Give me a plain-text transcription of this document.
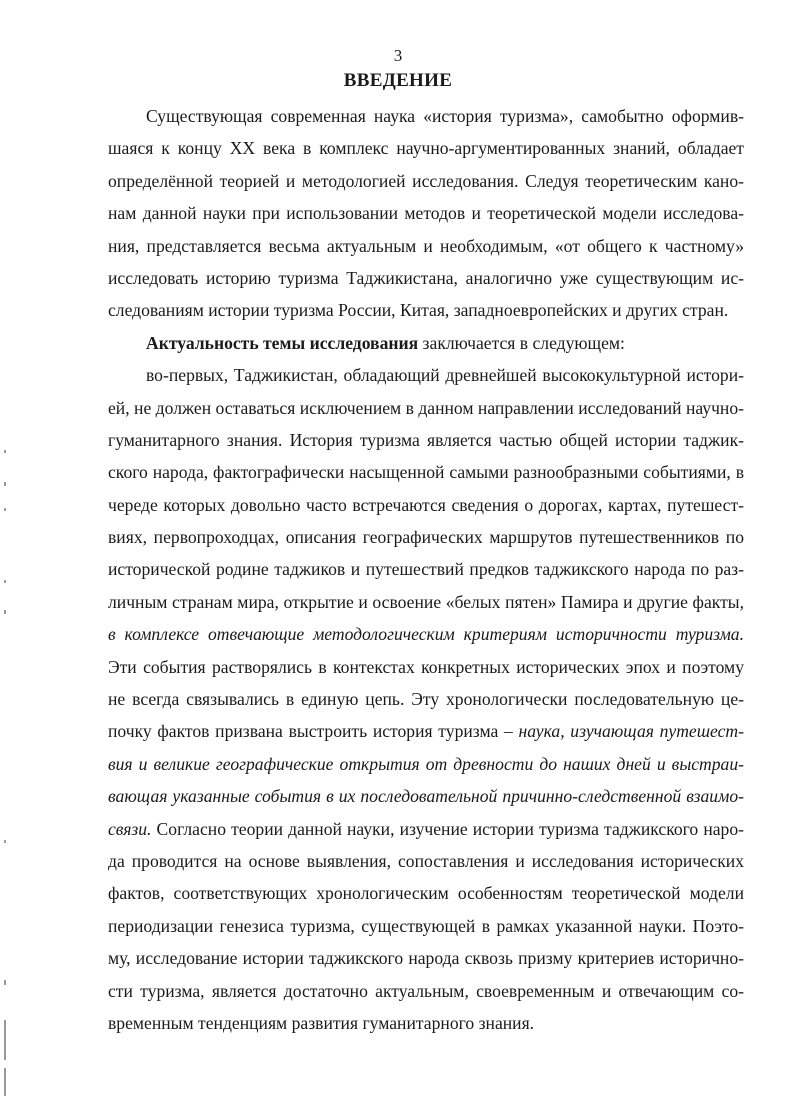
3
ВВЕДЕНИЕ
Существующая современная наука «история туризма», самобытно оформив-
шаяся к концу XX века в комплекс научно-аргументированных знаний, обладает
определённой теорией и методологией исследования. Следуя теоретическим кано-
нам данной науки при использовании методов и теоретической модели исследова-
ния, представляется весьма актуальным и необходимым, «от общего к частному»
исследовать историю туризма Таджикистана, аналогично уже существующим ис-
следованиям истории туризма России, Китая, западноевропейских и других стран.
Актуальность темы исследования заключается в следующем:
во-первых, Таджикистан, обладающий древнейшей высококультурной истори-
ей, не должен оставаться исключением в данном направлении исследований научно-
гуманитарного знания. История туризма является частью общей истории таджик-
ского народа, фактографически насыщенной самыми разнообразными событиями, в
череде которых довольно часто встречаются сведения о дорогах, картах, путешест-
виях, первопроходцах, описания географических маршрутов путешественников по
исторической родине таджиков и путешествий предков таджикского народа по раз-
личным странам мира, открытие и освоение «белых пятен» Памира и другие факты,
в комплексе отвечающие методологическим критериям историчности туризма.
Эти события растворялись в контекстах конкретных исторических эпох и поэтому
не всегда связывались в единую цепь. Эту хронологически последовательную це-
почку фактов призвана выстроить история туризма – наука, изучающая путешест-
вия и великие географические открытия от древности до наших дней и выстраи-
вающая указанные события в их последовательной причинно-следственной взаимо-
связи. Согласно теории данной науки, изучение истории туризма таджикского наро-
да проводится на основе выявления, сопоставления и исследования исторических
фактов, соответствующих хронологическим особенностям теоретической модели
периодизации генезиса туризма, существующей в рамках указанной науки. Поэто-
му, исследование истории таджикского народа сквозь призму критериев исторично-
сти туризма, является достаточно актуальным, своевременным и отвечающим со-
временным тенденциям развития гуманитарного знания.
